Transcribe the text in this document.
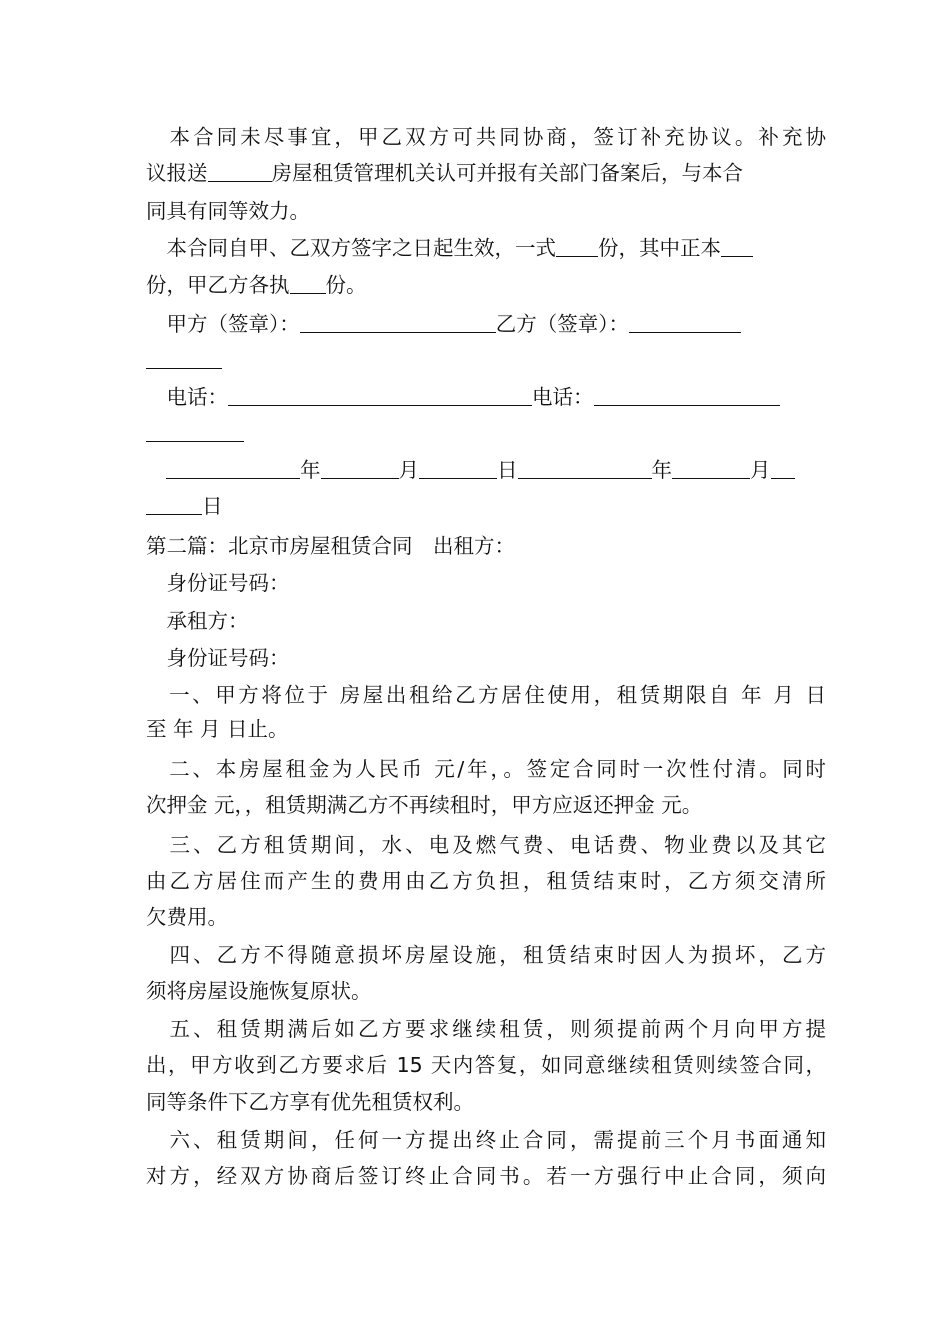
　本合同未尽事宜，甲乙双方可共同协商，签订补充协议。补充协
议报送	房屋租赁管理机关认可并报有关部门备案后，与本合
同具有同等效力。
　本合同自甲、乙双方签字之日起生效，一式 份，其中正本
份，甲乙方各执 份。
　甲方（签章）：	乙方（签章）：
　电话：	电话：
年	月	日	年	月
日
第二篇：北京市房屋租赁合同　出租方：
　身份证号码：
　承租方：
　身份证号码：
　一、甲方将位于 房屋出租给乙方居住使用，租赁期限自 年 月 日
至 年 月 日止。
　二、本房屋租金为人民币 元/年，。签定合同时一次性付清。同时
次押金 元，，租赁期满乙方不再续租时，甲方应返还押金 元。
　三、乙方租赁期间，水、电及燃气费、电话费、物业费以及其它
由乙方居住而产生的费用由乙方负担，租赁结束时，乙方须交清所
欠费用。
　四、乙方不得随意损坏房屋设施，租赁结束时因人为损坏，乙方
须将房屋设施恢复原状。
　五、租赁期满后如乙方要求继续租赁，则须提前两个月向甲方提
出，甲方收到乙方要求后 15 天内答复，如同意继续租赁则续签合同，
同等条件下乙方享有优先租赁权利。
　六、租赁期间，任何一方提出终止合同，需提前三个月书面通知
对方，经双方协商后签订终止合同书。若一方强行中止合同，须向
